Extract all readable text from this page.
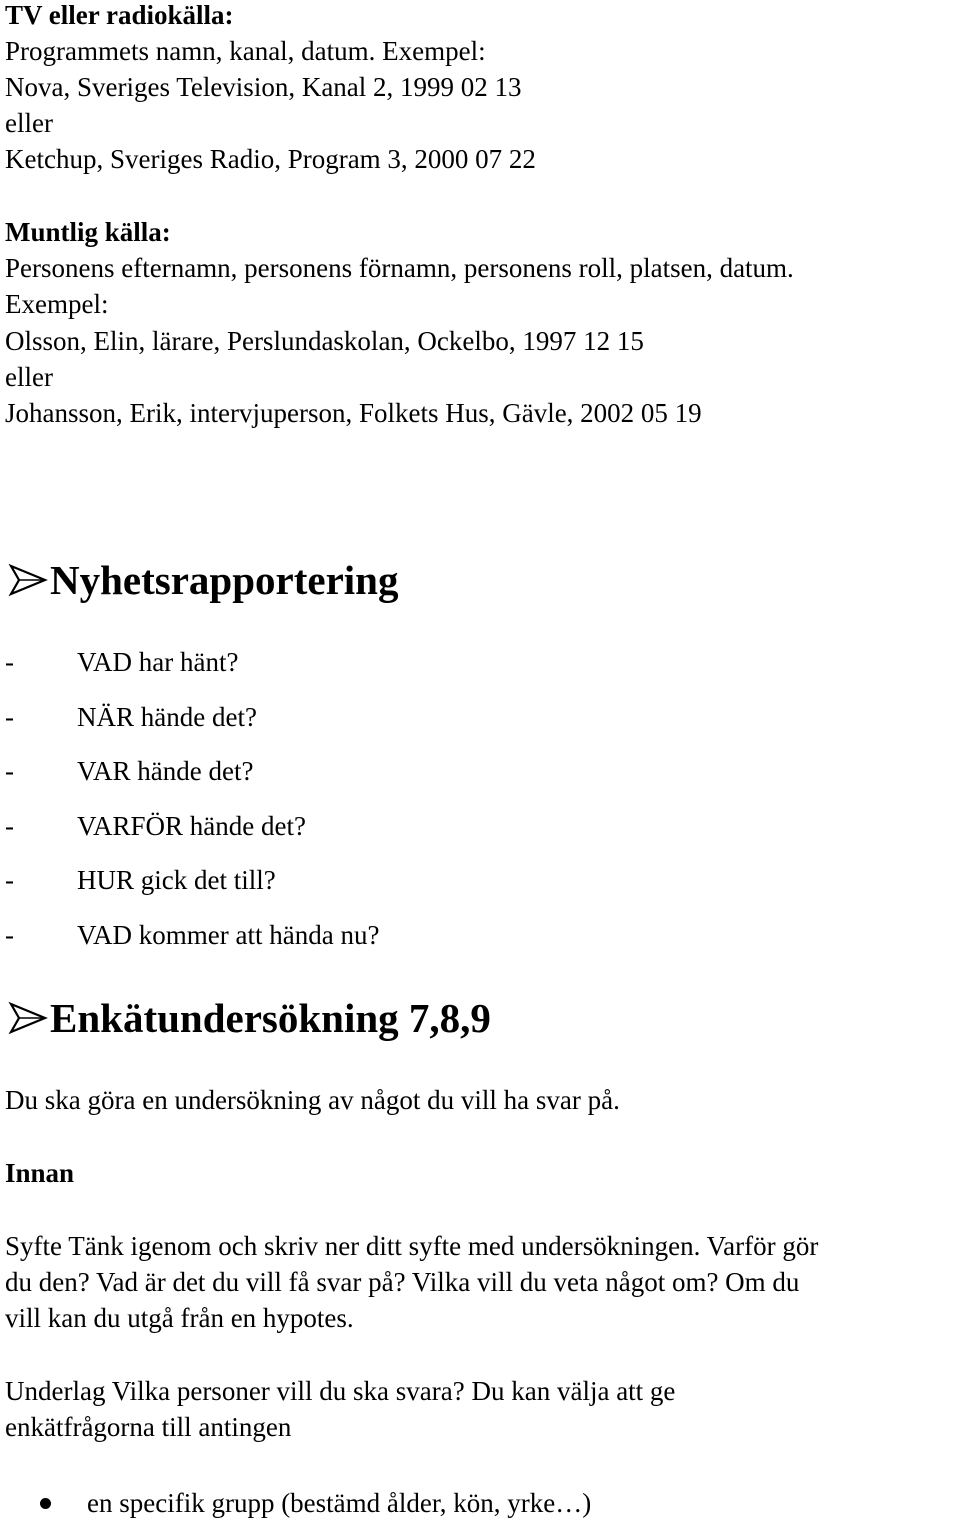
TV eller radiokälla:

Programmets namn, kanal, datum. Exempel:

Nova, Sveriges Television, Kanal 2, 1999 02 13

eller

Ketchup, Sveriges Radio, Program 3, 2000 07 22

Muntlig källa:

Personens efternamn, personens förnamn, personens roll, platsen, datum.

Exempel:

Olsson, Elin, lärare, Perslundaskolan, Ockelbo, 1997 12 15

eller

Johansson, Erik, intervjuperson, Folkets Hus, Gävle, 2002 05 19

Nyhetsrapportering

- VAD har hänt?

- NÄR hände det?

- VAR hände det?

- VARFÖR hände det?

- HUR gick det till?

- VAD kommer att hända nu?

Enkätundersökning 7,8,9

Du ska göra en undersökning av något du vill ha svar på.

Innan

Syfte Tänk igenom och skriv ner ditt syfte med undersökningen. Varför gör

du den? Vad är det du vill få svar på? Vilka vill du veta något om? Om du

vill kan du utgå från en hypotes.

Underlag Vilka personer vill du ska svara? Du kan välja att ge

enkätfrågorna till antingen

en specifik grupp (bestämd ålder, kön, yrke…)
